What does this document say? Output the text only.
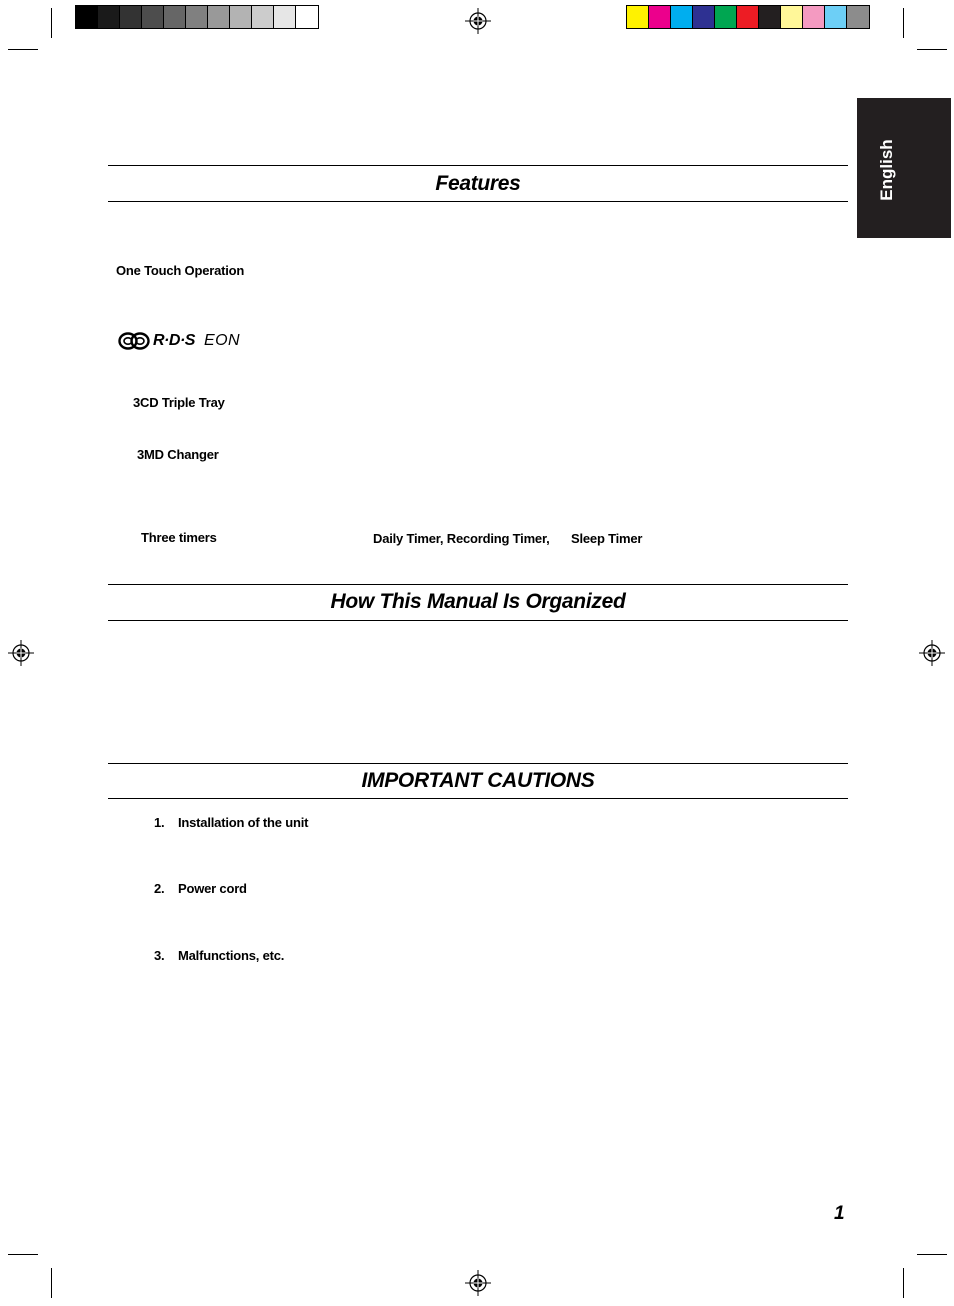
English
Features
One Touch Operation
R·D·S EON
3CD Triple Tray
3MD Changer
Three timers	Daily Timer, Recording Timer, Sleep Timer
How This Manual Is Organized
IMPORTANT CAUTIONS
1. Installation of the unit
2. Power cord
3. Malfunctions, etc.
1
